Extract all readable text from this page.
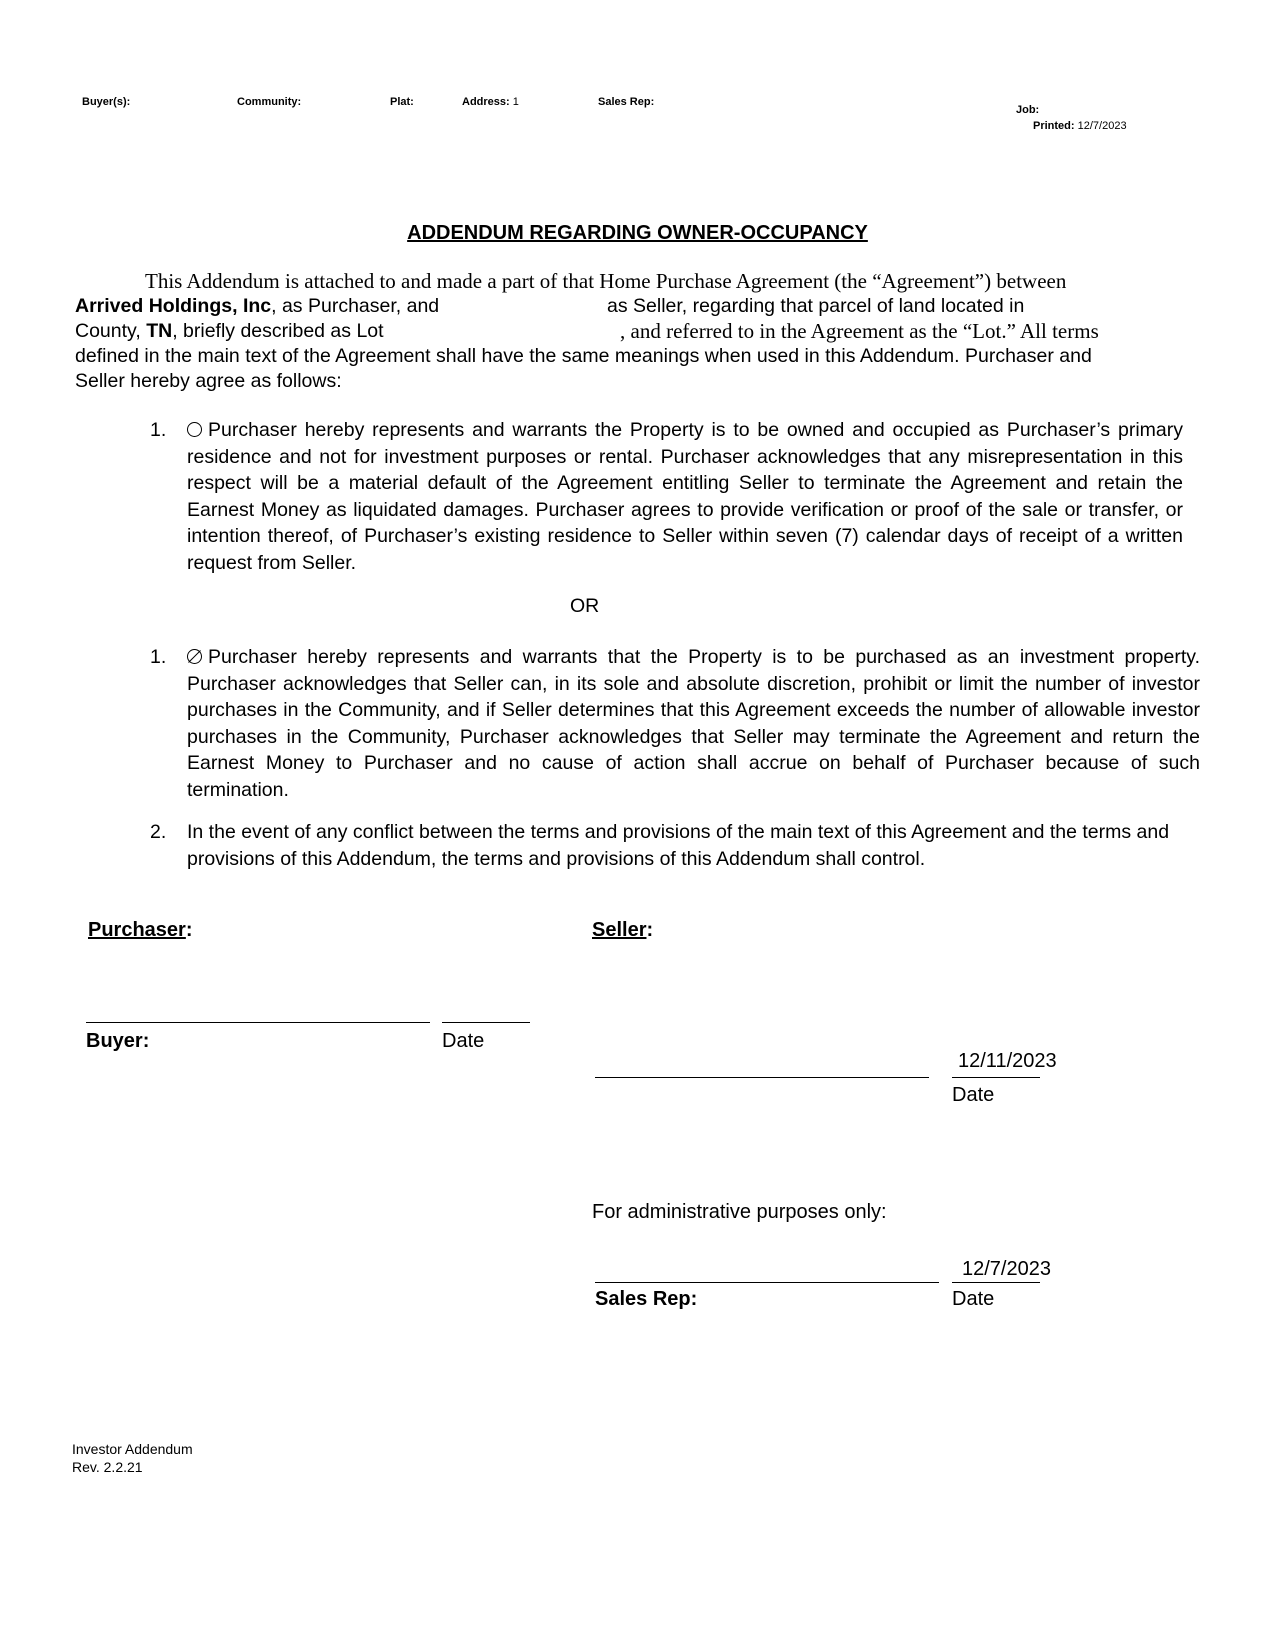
Buyer(s):	Community:	Plat:	Address: 1	Sales Rep:
Job:
Printed: 12/7/2023
ADDENDUM REGARDING OWNER-OCCUPANCY
This Addendum is attached to and made a part of that Home Purchase Agreement (the “Agreement”) between
Arrived Holdings, Inc, as Purchaser, and	as Seller, regarding that parcel of land located in
County, TN, briefly described as Lot	, and referred to in the Agreement as the “Lot.” All terms
defined in the main text of the Agreement shall have the same meanings when used in this Addendum. Purchaser and
Seller hereby agree as follows:
1.	Purchaser hereby represents and warrants the Property is to be owned and occupied as Purchaser’s primary residence and not for investment purposes or rental. Purchaser acknowledges that any misrepresentation in this respect will be a material default of the Agreement entitling Seller to terminate the Agreement and retain the Earnest Money as liquidated damages. Purchaser agrees to provide verification or proof of the sale or transfer, or intention thereof, of Purchaser’s existing residence to Seller within seven (7) calendar days of receipt of a written request from Seller.
OR
1.	Purchaser hereby represents and warrants that the Property is to be purchased as an investment property. Purchaser acknowledges that Seller can, in its sole and absolute discretion, prohibit or limit the number of investor purchases in the Community, and if Seller determines that this Agreement exceeds the number of allowable investor purchases in the Community, Purchaser acknowledges that Seller may terminate the Agreement and return the Earnest Money to Purchaser and no cause of action shall accrue on behalf of Purchaser because of such termination.
2. In the event of any conflict between the terms and provisions of the main text of this Agreement and the terms and provisions of this Addendum, the terms and provisions of this Addendum shall control.
Purchaser:	Seller:
Buyer:	Date
12/11/2023
Date
For administrative purposes only:
12/7/2023
Sales Rep:	Date
Investor Addendum
Rev. 2.2.21
